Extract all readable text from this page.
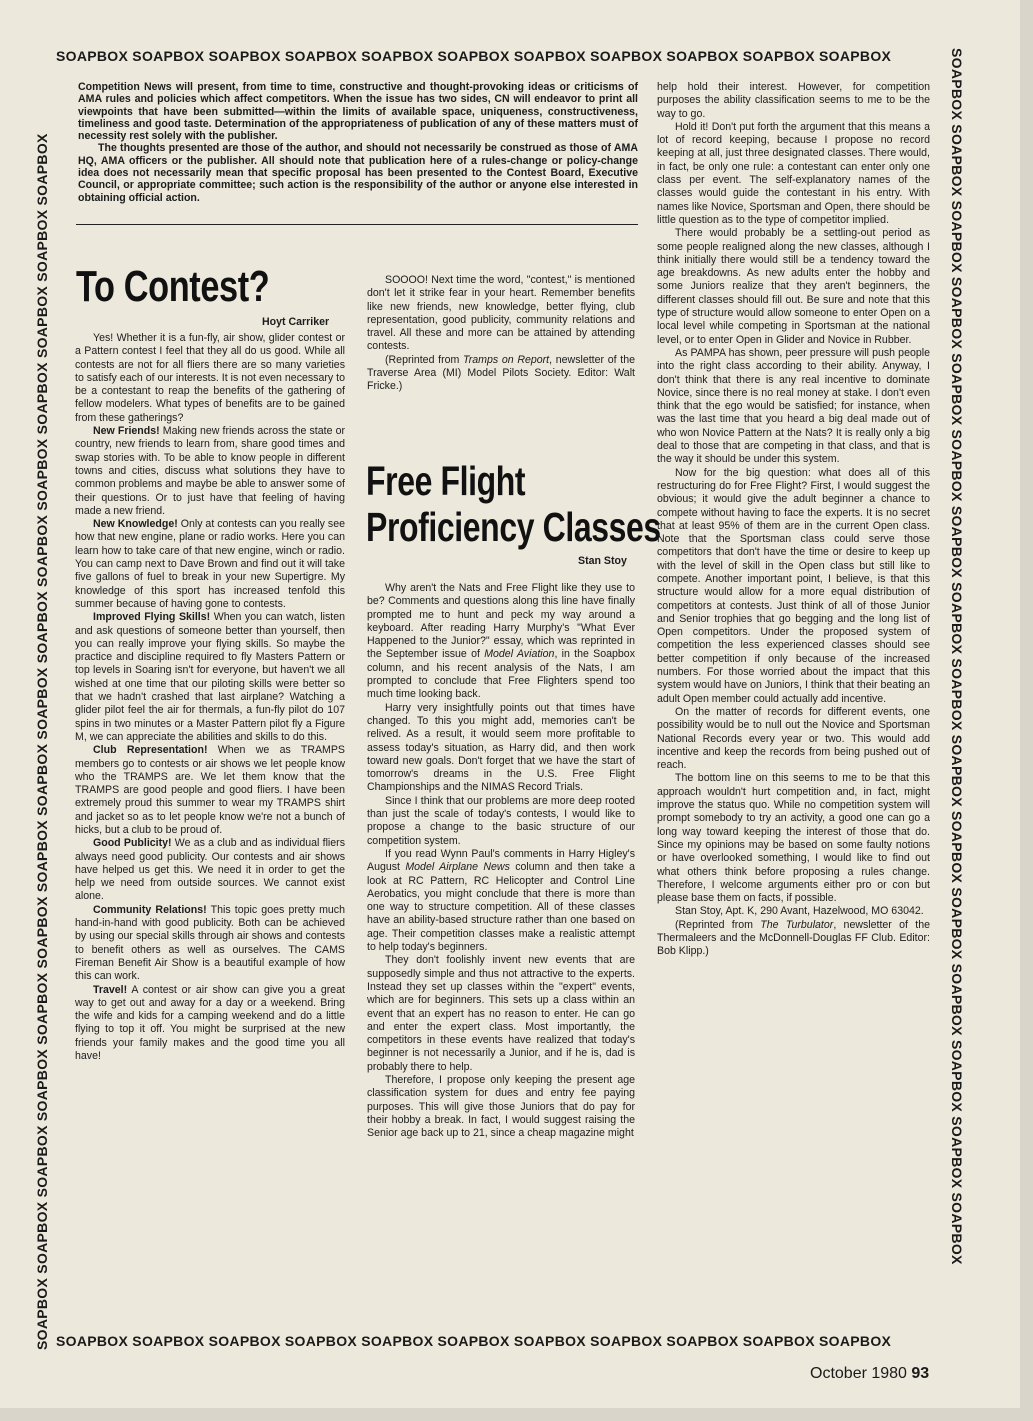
SOAPBOX SOAPBOX SOAPBOX SOAPBOX SOAPBOX SOAPBOX SOAPBOX SOAPBOX SOAPBOX SOAPBOX SOAPBOX
SOAPBOX SOAPBOX SOAPBOX SOAPBOX SOAPBOX SOAPBOX SOAPBOX SOAPBOX SOAPBOX SOAPBOX SOAPBOX
SOAPBOX SOAPBOX SOAPBOX SOAPBOX SOAPBOX SOAPBOX SOAPBOX SOAPBOX SOAPBOX SOAPBOX SOAPBOX SOAPBOX SOAPBOX SOAPBOX SOAPBOX SOAPBOX	SOAPBOX SOAPBOX SOAPBOX SOAPBOX SOAPBOX SOAPBOX SOAPBOX SOAPBOX SOAPBOX SOAPBOX SOAPBOX SOAPBOX SOAPBOX SOAPBOX SOAPBOX SOAPBOX

Competition News will present, from time to time, constructive and thought-provoking ideas or criticisms of AMA rules and policies which affect competitors. When the issue has two sides, CN will endeavor to print all viewpoints that have been submitted—within the limits of available space, uniqueness, constructiveness, timeliness and good taste. Determination of the appropriateness of publication of any of these matters must of necessity rest solely with the publisher.

The thoughts presented are those of the author, and should not necessarily be construed as those of AMA HQ, AMA officers or the publisher. All should note that publication here of a rules-change or policy-change idea does not necessarily mean that specific proposal has been presented to the Contest Board, Executive Council, or appropriate committee; such action is the responsibility of the author or anyone else interested in obtaining official action.

To Contest?
Hoyt Carriker

Yes! Whether it is a fun-fly, air show, glider contest or a Pattern contest I feel that they all do us good. While all contests are not for all fliers there are so many varieties to satisfy each of our interests. It is not even necessary to be a contestant to reap the benefits of the gathering of fellow modelers. What types of benefits are to be gained from these gatherings?

New Friends! Making new friends across the state or country, new friends to learn from, share good times and swap stories with. To be able to know people in different towns and cities, discuss what solutions they have to common problems and maybe be able to answer some of their questions. Or to just have that feeling of having made a new friend.

New Knowledge! Only at contests can you really see how that new engine, plane or radio works. Here you can learn how to take care of that new engine, winch or radio. You can camp next to Dave Brown and find out it will take five gallons of fuel to break in your new Supertigre. My knowledge of this sport has increased tenfold this summer because of having gone to contests.

Improved Flying Skills! When you can watch, listen and ask questions of someone better than yourself, then you can really improve your flying skills. So maybe the practice and discipline required to fly Masters Pattern or top levels in Soaring isn't for everyone, but haven't we all wished at one time that our piloting skills were better so that we hadn't crashed that last airplane? Watching a glider pilot feel the air for thermals, a fun-fly pilot do 107 spins in two minutes or a Master Pattern pilot fly a Figure M, we can appreciate the abilities and skills to do this.

Club Representation! When we as TRAMPS members go to contests or air shows we let people know who the TRAMPS are. We let them know that the TRAMPS are good people and good fliers. I have been extremely proud this summer to wear my TRAMPS shirt and jacket so as to let people know we're not a bunch of hicks, but a club to be proud of.

Good Publicity! We as a club and as individual fliers always need good publicity. Our contests and air shows have helped us get this. We need it in order to get the help we need from outside sources. We cannot exist alone.

Community Relations! This topic goes pretty much hand-in-hand with good publicity. Both can be achieved by using our special skills through air shows and contests to benefit others as well as ourselves. The CAMS Fireman Benefit Air Show is a beautiful example of how this can work.

Travel! A contest or air show can give you a great way to get out and away for a day or a weekend. Bring the wife and kids for a camping weekend and do a little flying to top it off. You might be surprised at the new friends your family makes and the good time you all have!

SOOOO! Next time the word, "contest," is mentioned don't let it strike fear in your heart. Remember benefits like new friends, new knowledge, better flying, club representation, good publicity, community relations and travel. All these and more can be attained by attending contests.

(Reprinted from Tramps on Report, newsletter of the Traverse Area (MI) Model Pilots Society. Editor: Walt Fricke.)

Free Flight
Proficiency Classes
Stan Stoy

Why aren't the Nats and Free Flight like they use to be? Comments and questions along this line have finally prompted me to hunt and peck my way around a keyboard. After reading Harry Murphy's "What Ever Happened to the Junior?" essay, which was reprinted in the September issue of Model Aviation, in the Soapbox column, and his recent analysis of the Nats, I am prompted to conclude that Free Flighters spend too much time looking back.

Harry very insightfully points out that times have changed. To this you might add, memories can't be relived. As a result, it would seem more profitable to assess today's situation, as Harry did, and then work toward new goals. Don't forget that we have the start of tomorrow's dreams in the U.S. Free Flight Championships and the NIMAS Record Trials.

Since I think that our problems are more deep rooted than just the scale of today's contests, I would like to propose a change to the basic structure of our competition system.

If you read Wynn Paul's comments in Harry Higley's August Model Airplane News column and then take a look at RC Pattern, RC Helicopter and Control Line Aerobatics, you might conclude that there is more than one way to structure competition. All of these classes have an ability-based structure rather than one based on age. Their competition classes make a realistic attempt to help today's beginners.

They don't foolishly invent new events that are supposedly simple and thus not attractive to the experts. Instead they set up classes within the "expert" events, which are for beginners. This sets up a class within an event that an expert has no reason to enter. He can go and enter the expert class. Most importantly, the competitors in these events have realized that today's beginner is not necessarily a Junior, and if he is, dad is probably there to help.

Therefore, I propose only keeping the present age classification system for dues and entry fee paying purposes. This will give those Juniors that do pay for their hobby a break. In fact, I would suggest raising the Senior age back up to 21, since a cheap magazine might

help hold their interest. However, for competition purposes the ability classification seems to me to be the way to go.

Hold it! Don't put forth the argument that this means a lot of record keeping, because I propose no record keeping at all, just three designated classes. There would, in fact, be only one rule: a contestant can enter only one class per event. The self-explanatory names of the classes would guide the contestant in his entry. With names like Novice, Sportsman and Open, there should be little question as to the type of competitor implied.

There would probably be a settling-out period as some people realigned along the new classes, although I think initially there would still be a tendency toward the age breakdowns. As new adults enter the hobby and some Juniors realize that they aren't beginners, the different classes should fill out. Be sure and note that this type of structure would allow someone to enter Open on a local level while competing in Sportsman at the national level, or to enter Open in Glider and Novice in Rubber.

As PAMPA has shown, peer pressure will push people into the right class according to their ability. Anyway, I don't think that there is any real incentive to dominate Novice, since there is no real money at stake. I don't even think that the ego would be satisfied; for instance, when was the last time that you heard a big deal made out of who won Novice Pattern at the Nats? It is really only a big deal to those that are competing in that class, and that is the way it should be under this system.

Now for the big question: what does all of this restructuring do for Free Flight? First, I would suggest the obvious; it would give the adult beginner a chance to compete without having to face the experts. It is no secret that at least 95% of them are in the current Open class. Note that the Sportsman class could serve those competitors that don't have the time or desire to keep up with the level of skill in the Open class but still like to compete. Another important point, I believe, is that this structure would allow for a more equal distribution of competitors at contests. Just think of all of those Junior and Senior trophies that go begging and the long list of Open competitors. Under the proposed system of competition the less experienced classes should see better competition if only because of the increased numbers. For those worried about the impact that this system would have on Juniors, I think that their beating an adult Open member could actually add incentive.

On the matter of records for different events, one possibility would be to null out the Novice and Sportsman National Records every year or two. This would add incentive and keep the records from being pushed out of reach.

The bottom line on this seems to me to be that this approach wouldn't hurt competition and, in fact, might improve the status quo. While no competition system will prompt somebody to try an activity, a good one can go a long way toward keeping the interest of those that do. Since my opinions may be based on some faulty notions or have overlooked something, I would like to find out what others think before proposing a rules change. Therefore, I welcome arguments either pro or con but please base them on facts, if possible.

Stan Stoy, Apt. K, 290 Avant, Hazelwood, MO 63042.

(Reprinted from The Turbulator, newsletter of the Thermaleers and the McDonnell-Douglas FF Club. Editor: Bob Klipp.)

October 1980 93
